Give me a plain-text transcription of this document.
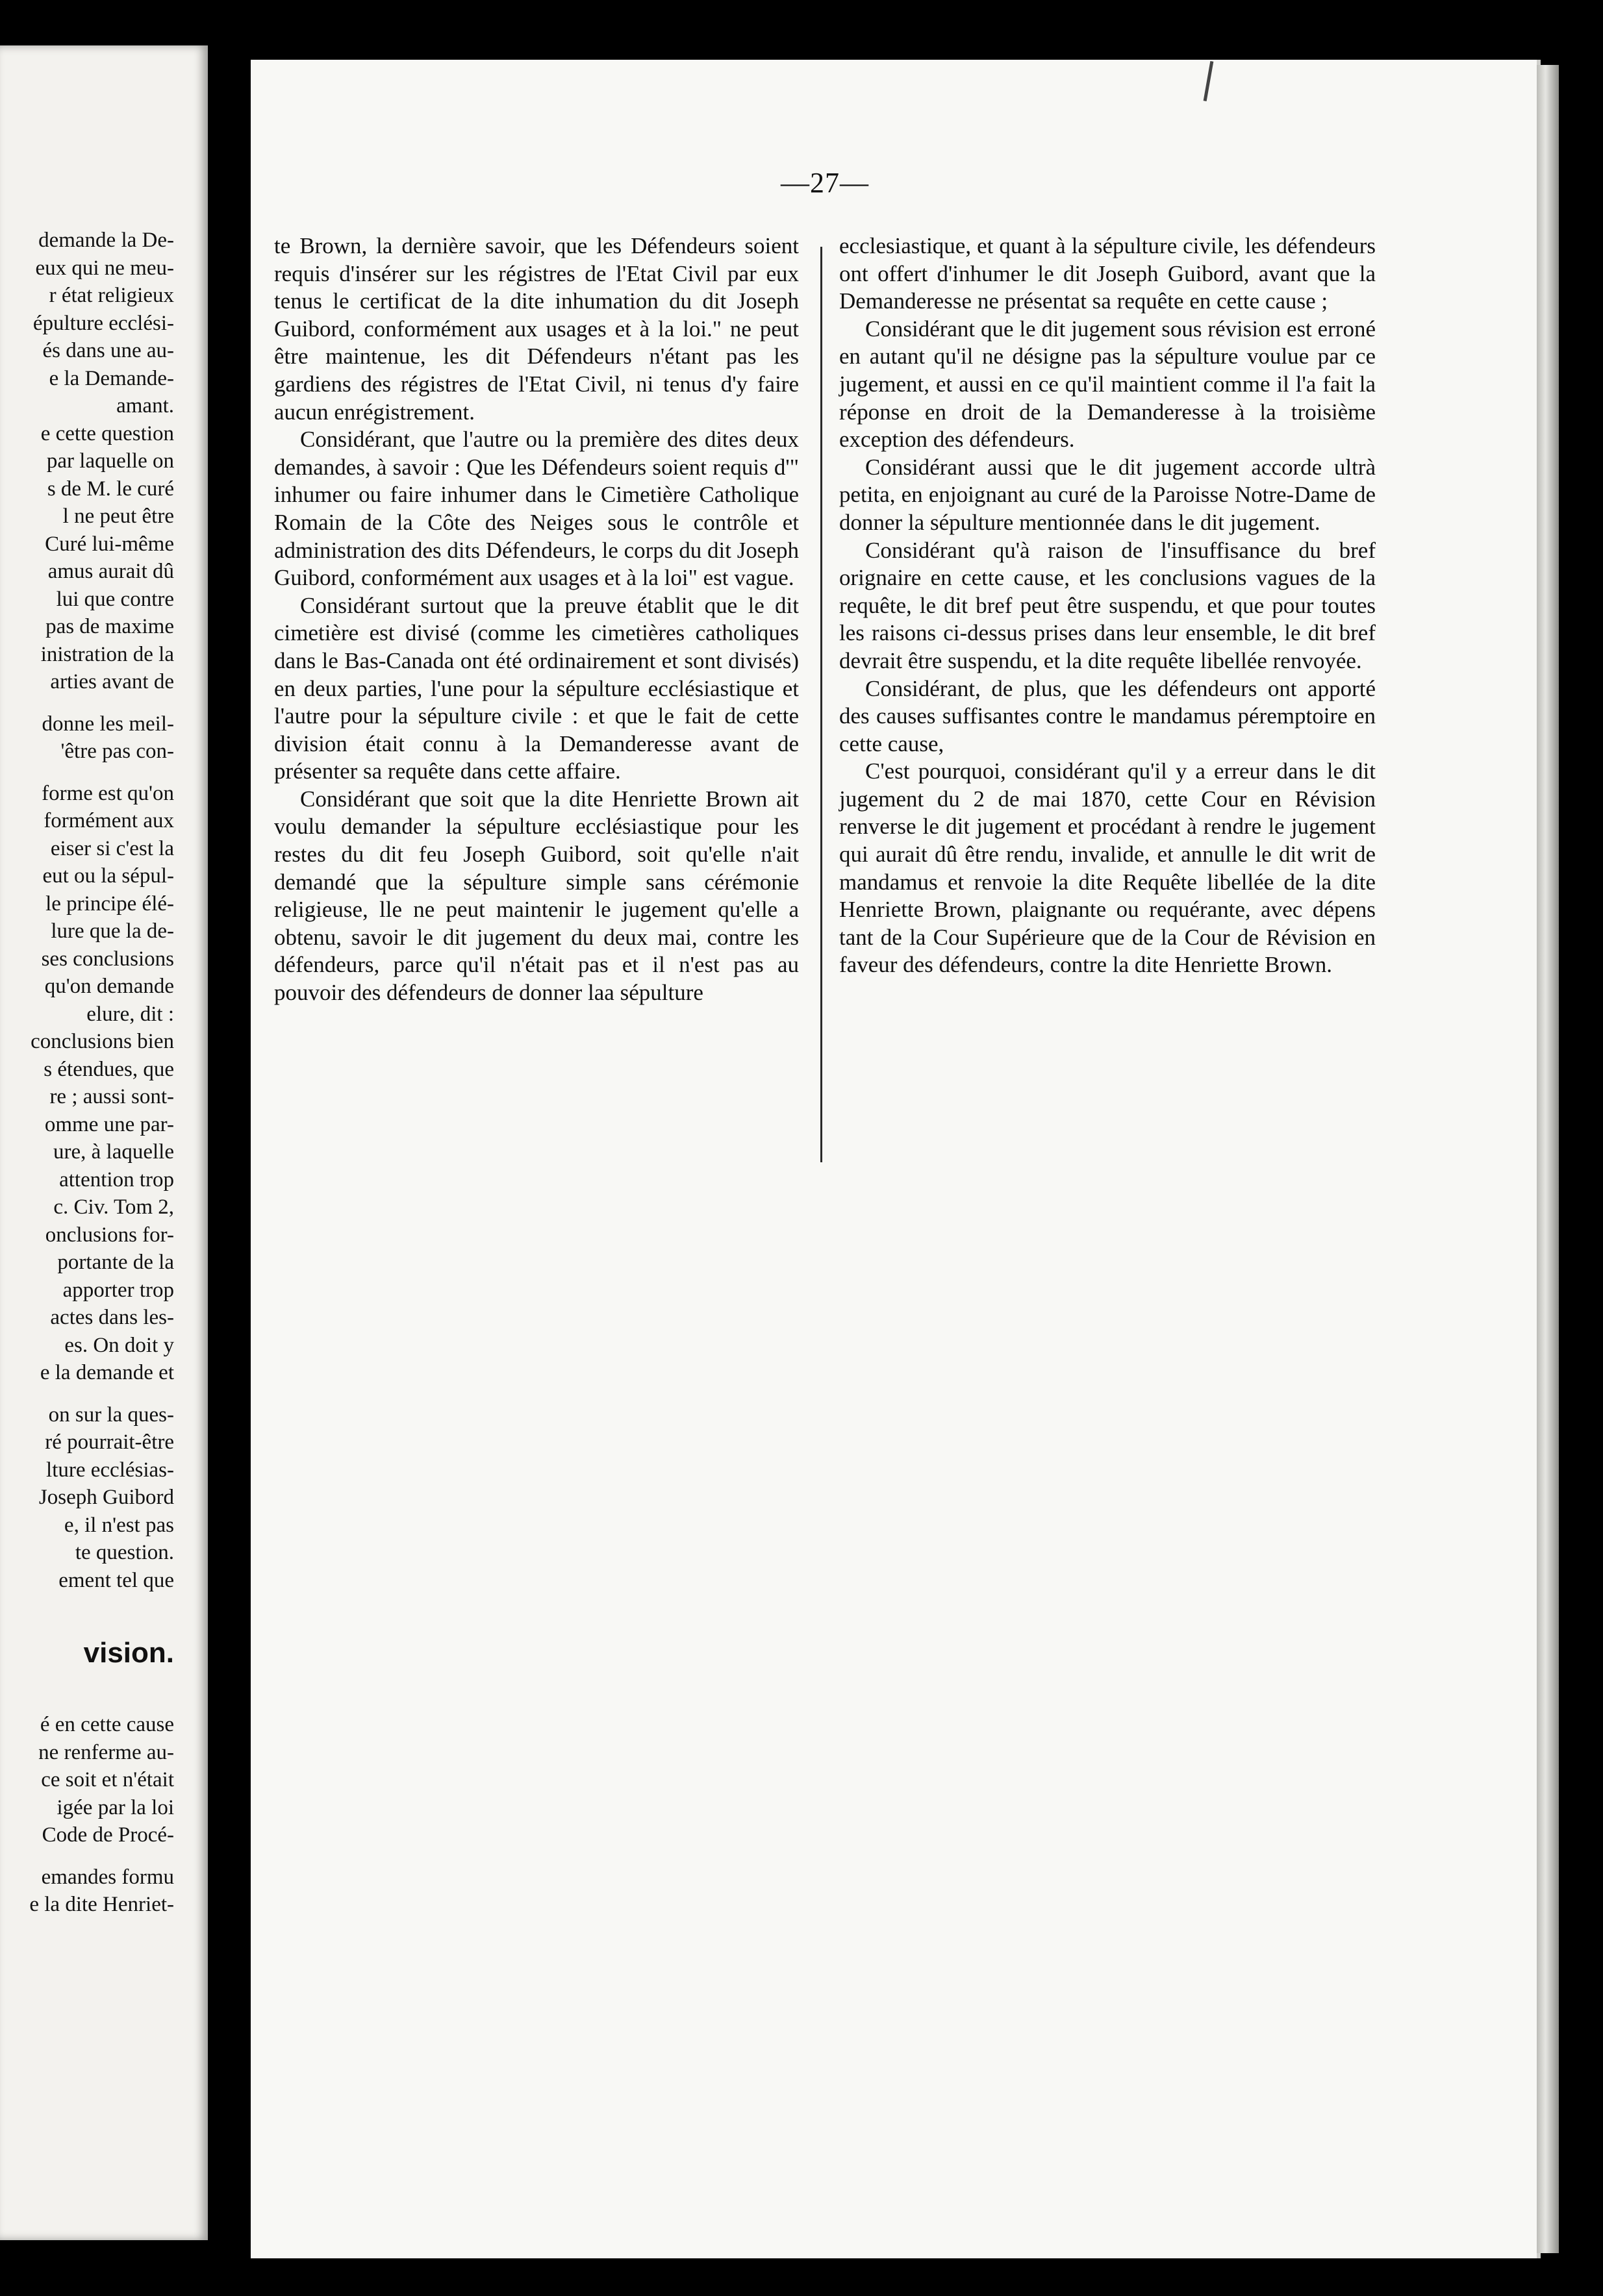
demande la De-
eux qui ne meu-
r état religieux
épulture ecclési-
és dans une au-
e la Demande-
amant.
e cette question
par laquelle on
s de M. le curé
l ne peut être
Curé lui-même
amus aurait dû
lui que contre
pas de maxime
inistration de la
arties avant de
donne les meil-
'être pas con-
forme est qu'on
formément aux
eiser si c'est la
eut ou la sépul-
le principe élé-
lure que la de-
ses conclusions
qu'on demande
elure, dit :
conclusions bien
s étendues, que
re ; aussi sont-
omme une par-
ure, à laquelle
attention trop
c. Civ. Tom 2,
onclusions for-
portante de la
apporter trop
actes dans les-
es. On doit y
e la demande et
on sur la ques-
ré pourrait-être
lture ecclésias-
Joseph Guibord
e, il n'est pas
te question.
ement tel que
vision.
é en cette cause
ne renferme au-
ce soit et n'était
igée par la loi
Code de Procé-
emandes formu
e la dite Henriet-
—27—

te Brown, la dernière savoir, que les Défendeurs soient requis d'insérer sur les régistres de l'Etat Civil par eux tenus le certificat de la dite inhumation du dit Joseph Guibord, conformément aux usages et à la loi." ne peut être maintenue, les dit Défendeurs n'étant pas les gardiens des régistres de l'Etat Civil, ni tenus d'y faire aucun enrégistrement.

Considérant, que l'autre ou la première des dites deux demandes, à savoir : Que les Défendeurs soient requis d'" inhumer ou faire inhumer dans le Cimetière Catholique Romain de la Côte des Neiges sous le contrôle et administration des dits Défendeurs, le corps du dit Joseph Guibord, conformément aux usages et à la loi" est vague.

Considérant surtout que la preuve établit que le dit cimetière est divisé (comme les cimetières catholiques dans le Bas-Canada ont été ordinairement et sont divisés) en deux parties, l'une pour la sépulture ecclésiastique et l'autre pour la sépulture civile : et que le fait de cette division était connu à la Demanderesse avant de présenter sa requête dans cette affaire.

Considérant que soit que la dite Henriette Brown ait voulu demander la sépulture ecclésiastique pour les restes du dit feu Joseph Guibord, soit qu'elle n'ait demandé que la sépulture simple sans cérémonie religieuse, lle ne peut maintenir le jugement qu'elle a obtenu, savoir le dit jugement du deux mai, contre les défendeurs, parce qu'il n'était pas et il n'est pas au pouvoir des défendeurs de donner laa sépulture

ecclesiastique, et quant à la sépulture civile, les défendeurs ont offert d'inhumer le dit Joseph Guibord, avant que la Demanderesse ne présentat sa requête en cette cause ;

Considérant que le dit jugement sous révision est erroné en autant qu'il ne désigne pas la sépulture voulue par ce jugement, et aussi en ce qu'il maintient comme il l'a fait la réponse en droit de la Demanderesse à la troisième exception des défendeurs.

Considérant aussi que le dit jugement accorde ultrà petita, en enjoignant au curé de la Paroisse Notre-Dame de donner la sépulture mentionnée dans le dit jugement.

Considérant qu'à raison de l'insuffisance du bref orignaire en cette cause, et les conclusions vagues de la requête, le dit bref peut être suspendu, et que pour toutes les raisons ci-dessus prises dans leur ensemble, le dit bref devrait être suspendu, et la dite requête libellée renvoyée.

Considérant, de plus, que les défendeurs ont apporté des causes suffisantes contre le mandamus péremptoire en cette cause,

C'est pourquoi, considérant qu'il y a erreur dans le dit jugement du 2 de mai 1870, cette Cour en Révision renverse le dit jugement et procédant à rendre le jugement qui aurait dû être rendu, invalide, et annulle le dit writ de mandamus et renvoie la dite Requête libellée de la dite Henriette Brown, plaignante ou requérante, avec dépens tant de la Cour Supérieure que de la Cour de Révision en faveur des défendeurs, contre la dite Henriette Brown.
